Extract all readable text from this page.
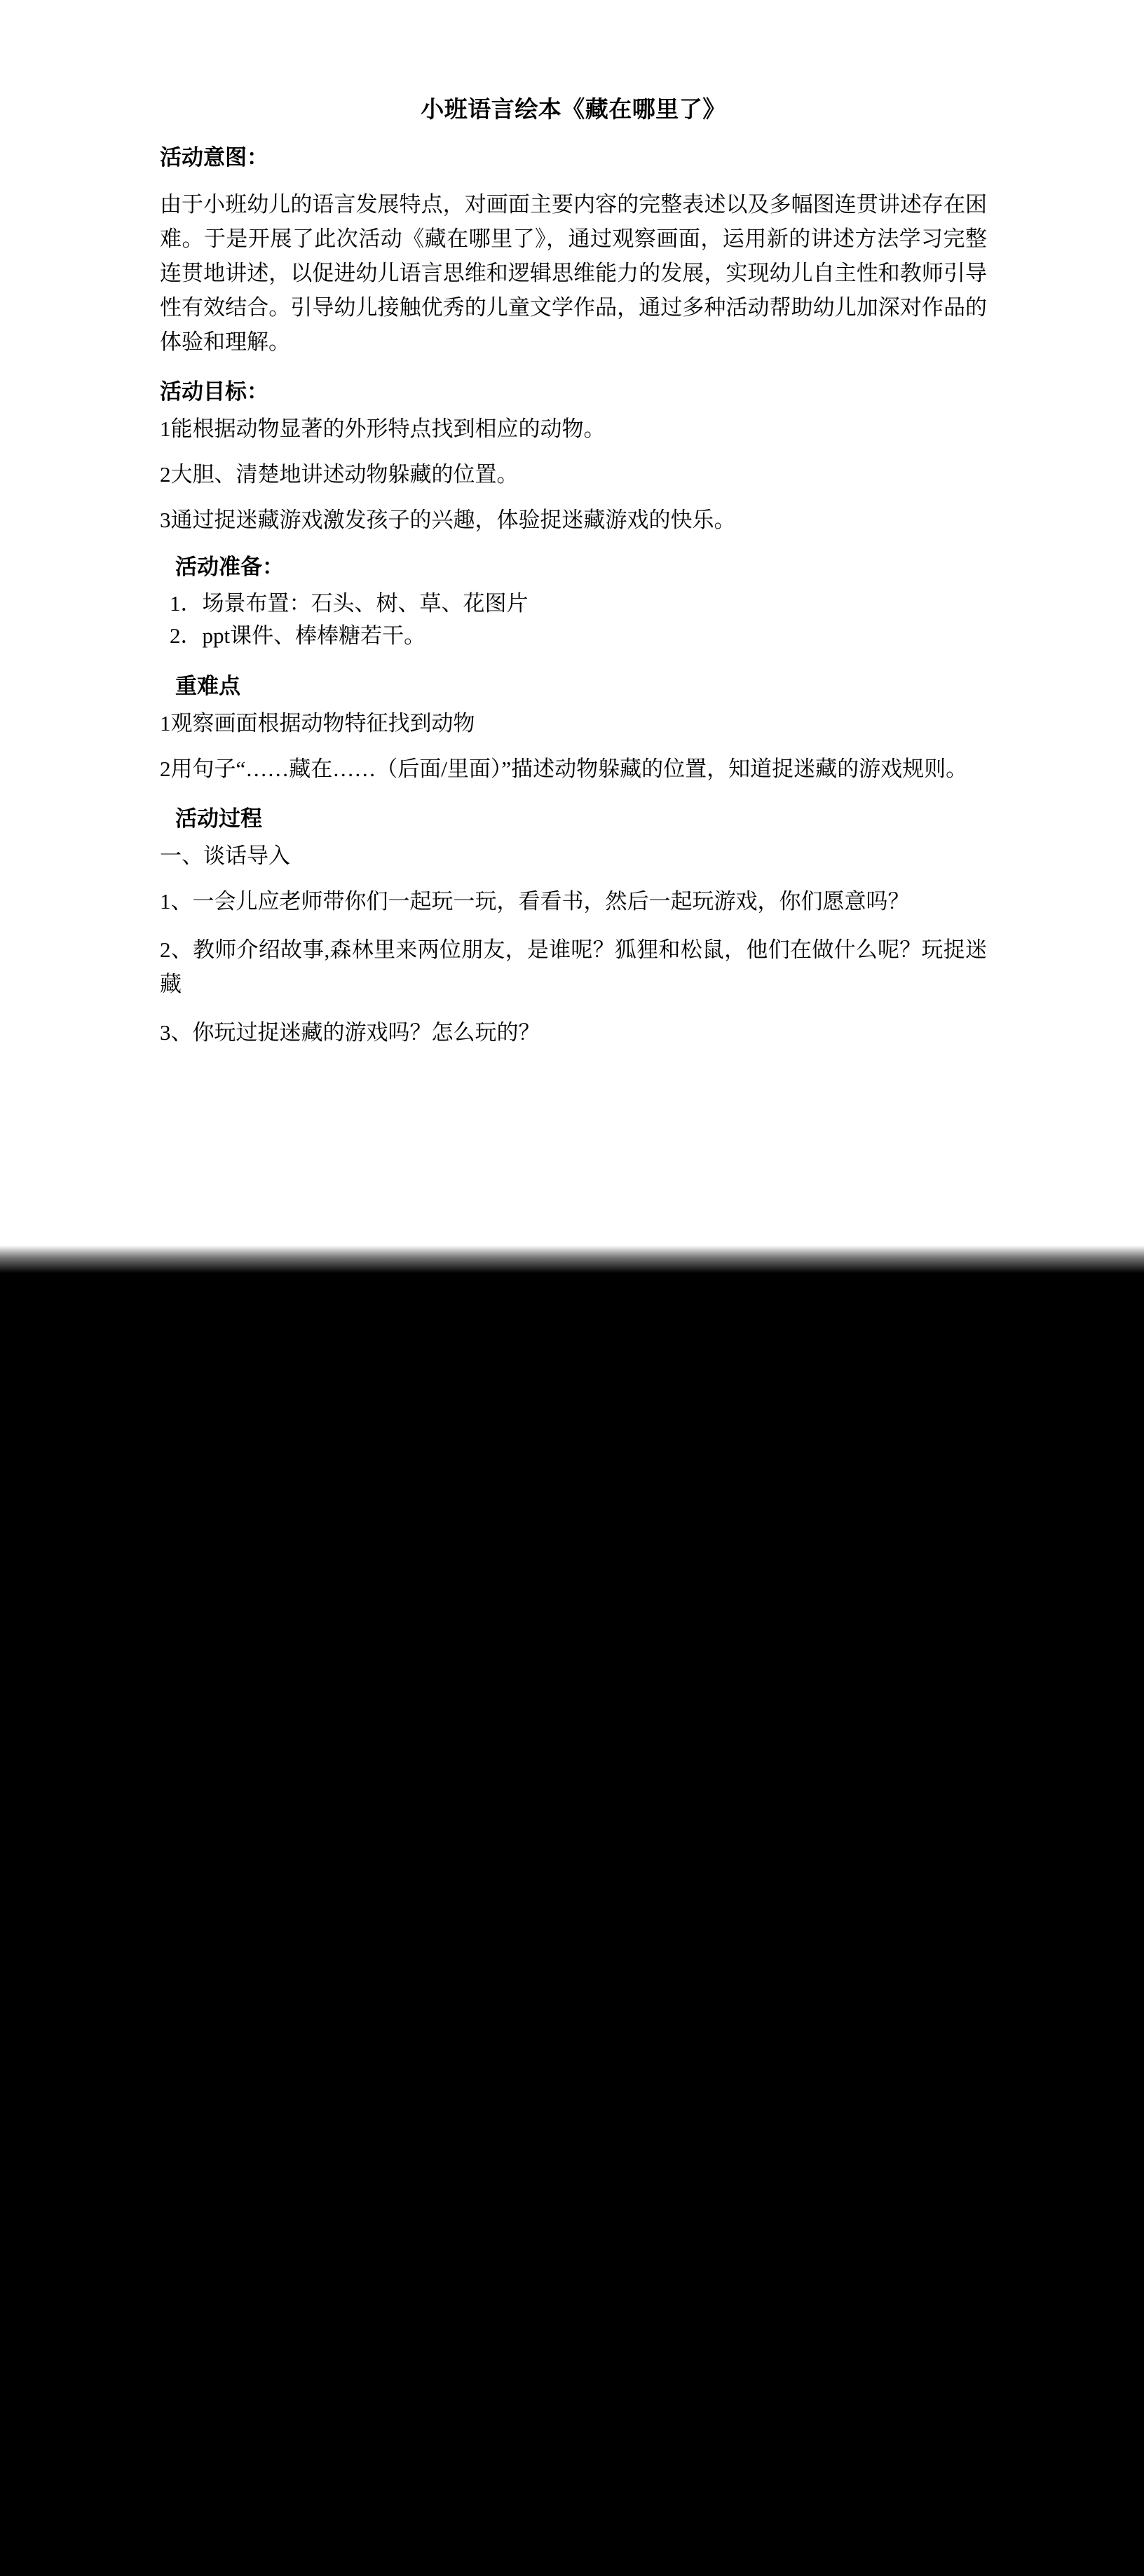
小班语言绘本《藏在哪里了》
活动意图：
由于小班幼儿的语言发展特点，对画面主要内容的完整表述以及多幅图连贯讲述存在困难。于是开展了此次活动《藏在哪里了》，通过观察画面，运用新的讲述方法学习完整连贯地讲述，以促进幼儿语言思维和逻辑思维能力的发展，实现幼儿自主性和教师引导性有效结合。引导幼儿接触优秀的儿童文学作品，通过多种活动帮助幼儿加深对作品的体验和理解。
活动目标：
1能根据动物显著的外形特点找到相应的动物。
2大胆、清楚地讲述动物躲藏的位置。
3通过捉迷藏游戏激发孩子的兴趣，体验捉迷藏游戏的快乐。
活动准备：
1．场景布置：石头、树、草、花图片
2．ppt课件、棒棒糖若干。
重难点
1观察画面根据动物特征找到动物
2用句子“……藏在……（后面/里面）”描述动物躲藏的位置，知道捉迷藏的游戏规则。
活动过程
一、谈话导入
1、一会儿应老师带你们一起玩一玩，看看书，然后一起玩游戏，你们愿意吗？
2、教师介绍故事,森林里来两位朋友，是谁呢？狐狸和松鼠，他们在做什么呢？玩捉迷藏
3、你玩过捉迷藏的游戏吗？怎么玩的？
